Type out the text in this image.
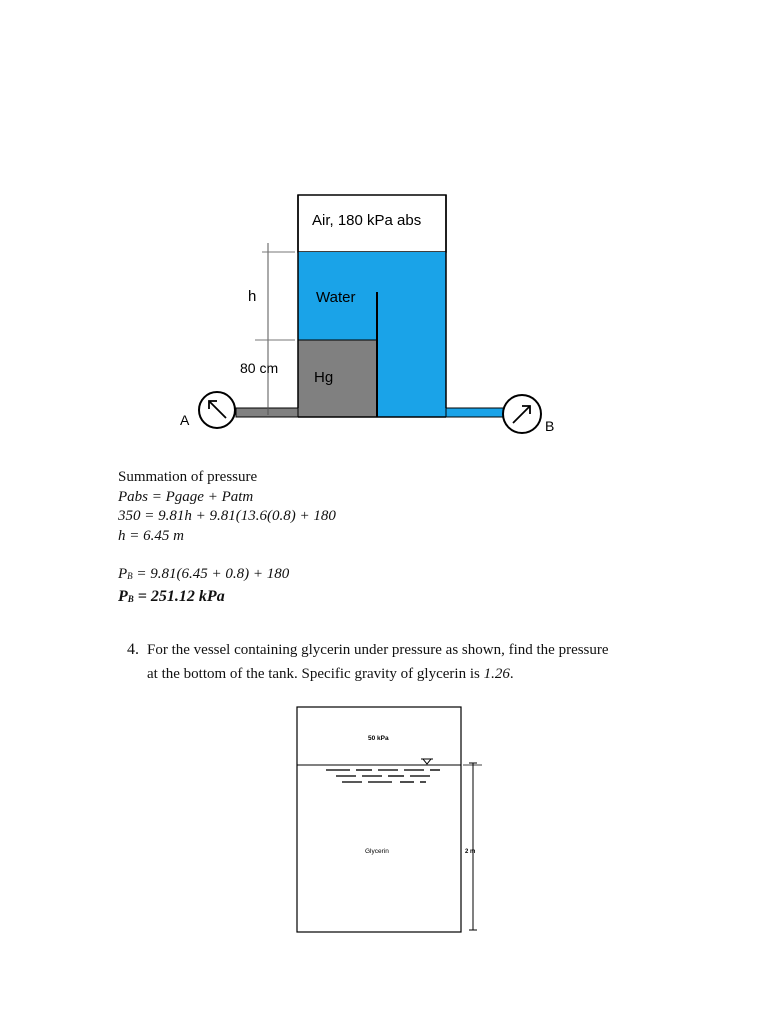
Air, 180 kPa abs
Water
Hg
h
80 cm
A	B
Summation of pressure
Pabs = Pgage + Patm
350 = 9.81h + 9.81(13.6(0.8) + 180
h = 6.45 m
$P_B = 9.81(6.45 + 0.8) + 180$
$P_B = 251.12$ kPa
4. For the vessel containing glycerin under pressure as shown, find the pressure
at the bottom of the tank. Specific gravity of glycerin is 1.26.
50 kPa
Glycerin	2 m
